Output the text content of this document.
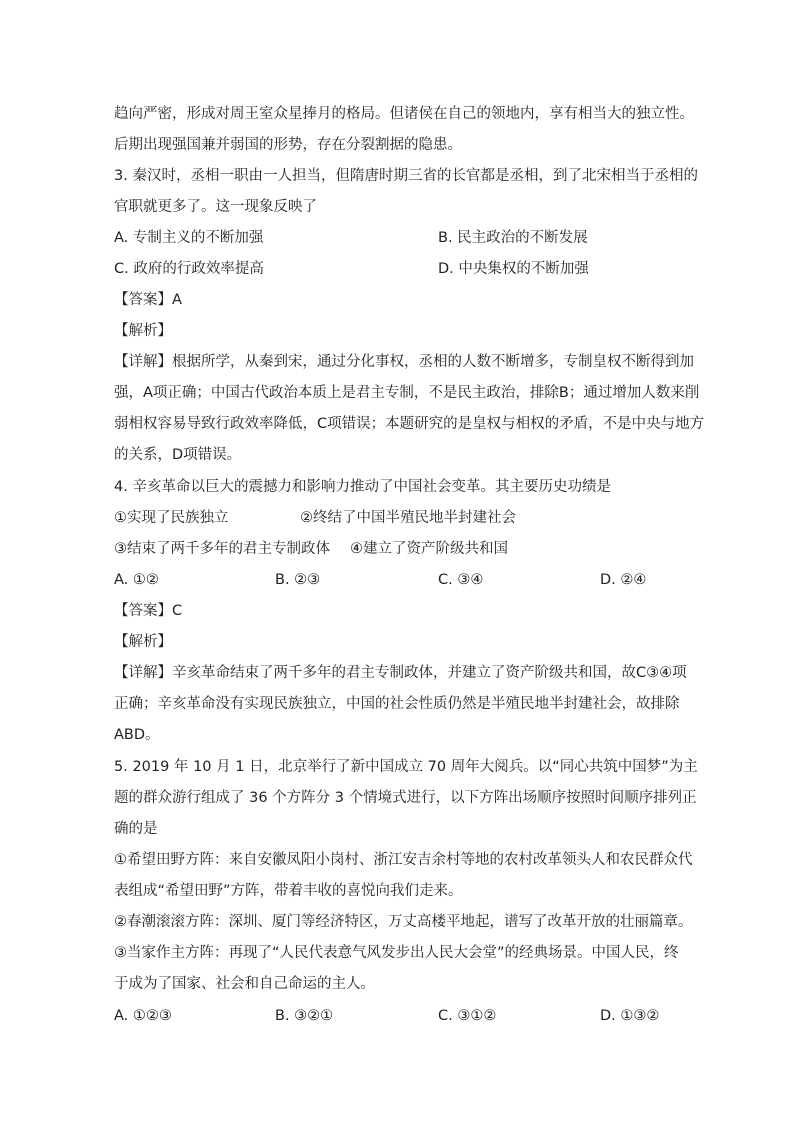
趋向严密，形成对周王室众星捧月的格局。但诸侯在自己的领地内，享有相当大的独立性。
后期出现强国兼并弱国的形势，存在分裂割据的隐患。
3. 秦汉时，丞相一职由一人担当，但隋唐时期三省的长官都是丞相，到了北宋相当于丞相的
官职就更多了。这一现象反映了
A. 专制主义的不断加强	B. 民主政治的不断发展
C. 政府的行政效率提高	D. 中央集权的不断加强
【答案】A
【解析】
【详解】根据所学，从秦到宋，通过分化事权，丞相的人数不断增多，专制皇权不断得到加
强，A项正确；中国古代政治本质上是君主专制，不是民主政治，排除B；通过增加人数来削
弱相权容易导致行政效率降低，C项错误；本题研究的是皇权与相权的矛盾，不是中央与地方
的关系，D项错误。
4. 辛亥革命以巨大的震撼力和影响力推动了中国社会变革。其主要历史功绩是
①实现了民族独立	②终结了中国半殖民地半封建社会
③结束了两千多年的君主专制政体 ④建立了资产阶级共和国
A. ①②	B. ②③	C. ③④	D. ②④
【答案】C
【解析】
【详解】辛亥革命结束了两千多年的君主专制政体，并建立了资产阶级共和国，故C③④项
正确；辛亥革命没有实现民族独立，中国的社会性质仍然是半殖民地半封建社会，故排除
ABD。
5. 2019 年 10 月 1 日，北京举行了新中国成立 70 周年大阅兵。以“同心共筑中国梦”为主
题的群众游行组成了 36 个方阵分 3 个情境式进行，以下方阵出场顺序按照时间顺序排列正
确的是
①希望田野方阵：来自安徽凤阳小岗村、浙江安吉余村等地的农村改革领头人和农民群众代
表组成“希望田野”方阵，带着丰收的喜悦向我们走来。
②春潮滚滚方阵：深圳、厦门等经济特区，万丈高楼平地起，谱写了改革开放的壮丽篇章。
③当家作主方阵：再现了“人民代表意气风发步出人民大会堂”的经典场景。中国人民，终
于成为了国家、社会和自己命运的主人。
A. ①②③	B. ③②①	C. ③①②	D. ①③②
